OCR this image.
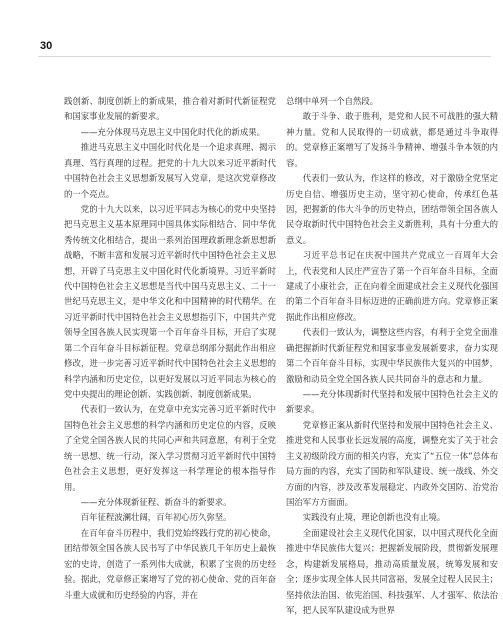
30

践创新、制度创新上的新成果，推合着对新时代新征程党和国家事业发展的新要求。

——充分体现马克思主义中国化时代化的新成果。

推进马克思主义中国化时代化是一个追求真理、揭示真理、笃行真理的过程。把党的十九大以来习近平新时代中国特色社会主义思想新发展写入党章，是这次党章修改的一个亮点。

党的十九大以来，以习近平同志为核心的党中央坚持把马克思主义基本原理同中国具体实际相结合、同中华优秀传统文化相结合，提出一系列治国理政新理念新思想新战略，不断丰富和发展习近平新时代中国特色社会主义思想，开辟了马克思主义中国化时代化新境界。习近平新时代中国特色社会主义思想是当代中国马克思主义、二十一世纪马克思主义，是中华文化和中国精神的时代精华。在习近平新时代中国特色社会主义思想指引下，中国共产党领导全国各族人民实现第一个百年奋斗目标，开启了实现第二个百年奋斗目标新征程。党章总纲部分据此作出相应修改，进一步完善习近平新时代中国特色社会主义思想的科学内涵和历史定位，以更好发展以习近平同志为核心的党中央提出的理论创新、实践创新、制度创新成果。

代表们一致认为，在党章中充实完善习近平新时代中国特色社会主义思想的科学内涵和历史定位的内容，反映了全党全国各族人民的共同心声和共同意愿，有利于全党统一思想、统一行动，深入学习贯彻习近平新时代中国特色社会主义思想，更好发挥这一科学理论的根本指导作用。

——充分体现新征程、新奋斗的新要求。

百年征程波澜壮阔，百年初心历久弥坚。

在百年奋斗历程中，我们党始终践行党的初心使命，团结带领全国各族人民书写了中华民族几千年历史上最恢宏的史诗，创造了一系列伟大成就，积累了宝贵的历史经验。据此，党章修正案增写了党的初心使命、党的百年奋斗重大成就和历史经验的内容，并在

总纲中单列一个自然段。

敢于斗争、敢于胜利，是党和人民不可战胜的强大精神力量。党和人民取得的一切成就，都是通过斗争取得的。党章修正案增写了发扬斗争精神、增强斗争本领的内容。

代表们一致认为，作这样的修改，对于激励全党坚定历史自信、增强历史主动，坚守初心使命，传承红色基因，把握新的伟大斗争的历史特点，团结带领全国各族人民夺取新时代中国特色社会主义新胜利，具有十分重大的意义。

习近平总书记在庆祝中国共产党成立一百周年大会上，代表党和人民庄严宣告了第一个百年奋斗目标，全面建成了小康社会，正在向着全面建成社会主义现代化强国的第二个百年奋斗目标迈进的正确前进方向。党章修正案据此作出相应修改。

代表们一致认为，调整这些内容，有利于全党全面准确把握新时代新征程党和国家事业发展新要求，奋力实现第二个百年奋斗目标，实现中华民族伟大复兴的中国梦，激励和动员全党全国各族人民共同奋斗的意志和力量。

——充分体现新时代坚持和发展中国特色社会主义的新要求。

党章修正案从新时代坚持和发展中国特色社会主义、推进党和人民事业长远发展的高度，调整充实了关于社会主义初级阶段方面的相关内容，充实了“五位一体”总体布局方面的内容，充实了国防和军队建设、统一战线、外交方面的内容，涉及改革发展稳定、内政外交国防、治党治国治军方方面面。

实践没有止境，理论创新也没有止境。

全面建设社会主义现代化国家，以中国式现代化全面推进中华民族伟大复兴；把握新发展阶段，贯彻新发展理念，构建新发展格局，推动高质量发展，统筹发展和安全；逐步实现全体人民共同富裕，发展全过程人民民主；坚持依法治国、依宪治国、科技强军、人才强军、依法治军，把人民军队建设成为世界
